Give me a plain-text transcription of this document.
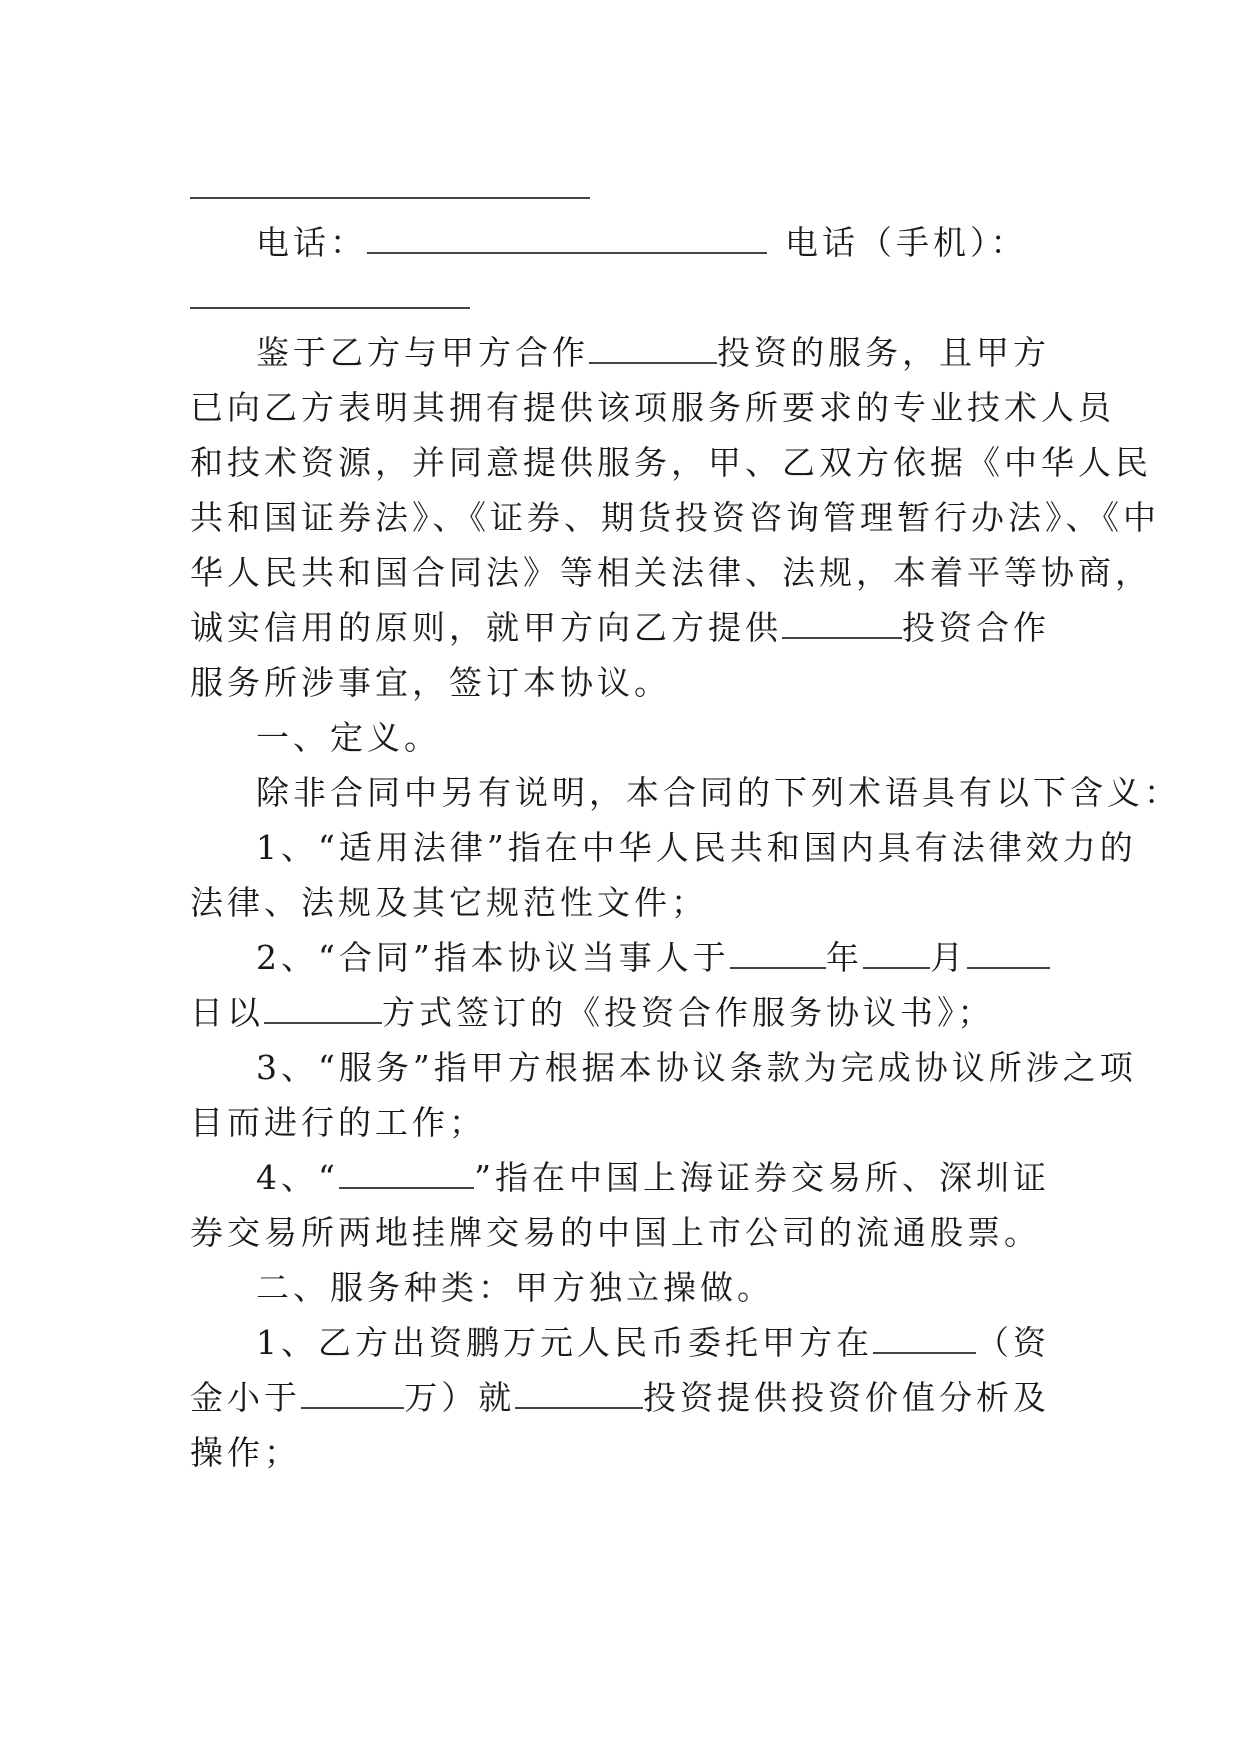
电话：	电话（手机）：
鉴于乙方与甲方合作	投资的服务，且甲方
已向乙方表明其拥有提供该项服务所要求的专业技术人员
和技术资源，并同意提供服务，甲、乙双方依据《中华人民
共和国证券法》、《证券、期货投资咨询管理暂行办法》、《中
华人民共和国合同法》等相关法律、法规，本着平等协商，
诚实信用的原则，就甲方向乙方提供	投资合作
服务所涉事宜，签订本协议。
一、定义。
除非合同中另有说明，本合同的下列术语具有以下含义：
1、“适用法律”指在中华人民共和国内具有法律效力的
法律、法规及其它规范性文件；
2、“合同”指本协议当事人于	年 月
日以	方式签订的《投资合作服务协议书》；
3、“服务”指甲方根据本协议条款为完成协议所涉之项
目而进行的工作；
4、“	”指在中国上海证券交易所、深圳证
券交易所两地挂牌交易的中国上市公司的流通股票。
二、服务种类：甲方独立操做。
1、乙方出资鹏万元人民币委托甲方在	（资
金小于	万）就	投资提供投资价值分析及
操作；
